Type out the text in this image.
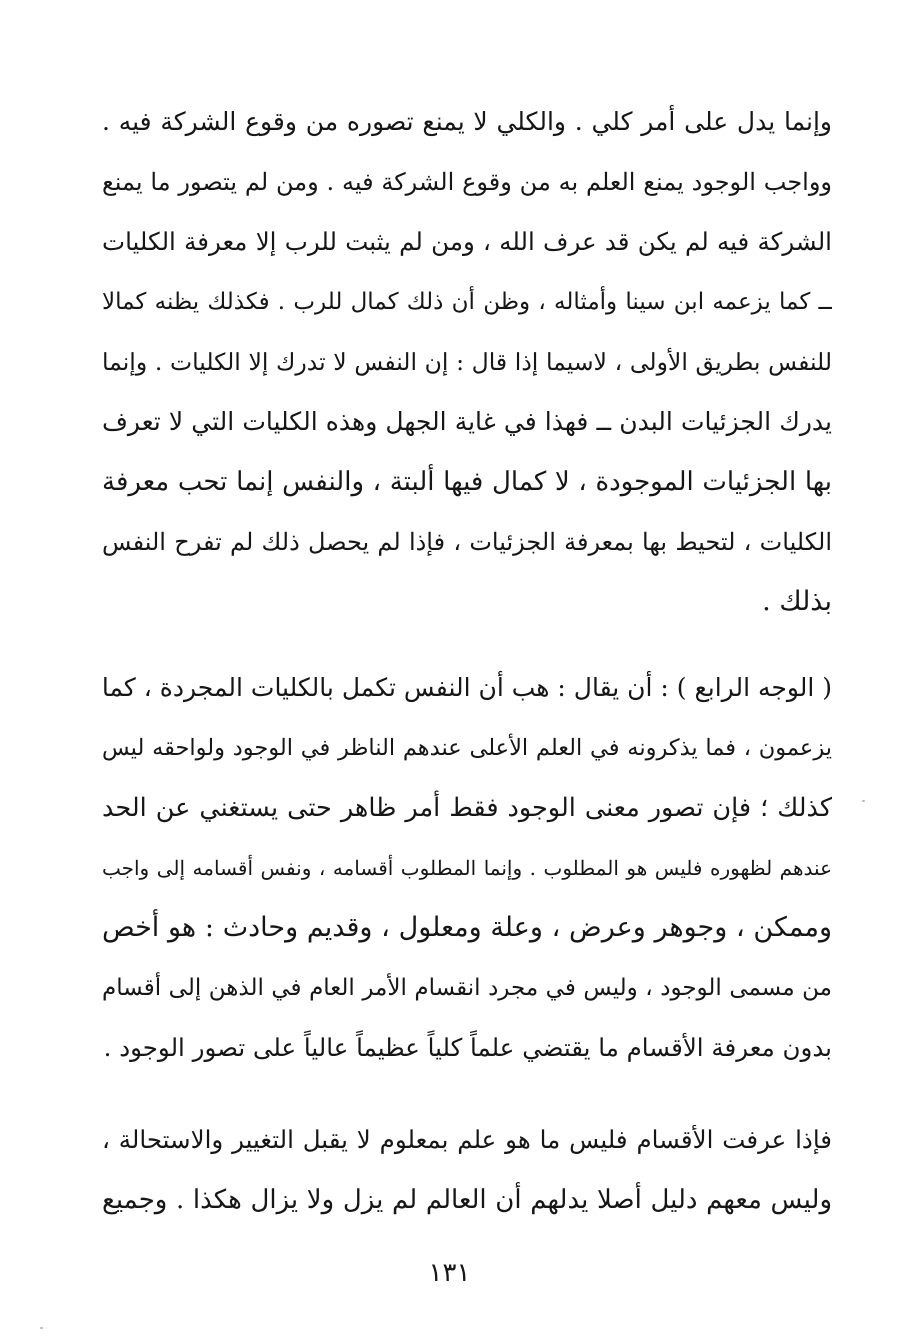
وإنما يدل على أمر كلي . والكلي لا يمنع تصوره من وقوع الشركة فيه .
وواجب الوجود يمنع العلم به من وقوع الشركة فيه . ومن لم يتصور ما يمنع
الشركة فيه لم يكن قد عرف الله ، ومن لم يثبت للرب إلا معرفة الكليات
ــ كما يزعمه ابن سينا وأمثاله ، وظن أن ذلك كمال للرب . فكذلك يظنه كمالا
للنفس بطريق الأولى ، لاسيما إذا قال : إن النفس لا تدرك إلا الكليات . وإنما
يدرك الجزئيات البدن ــ فهذا في غاية الجهل وهذه الكليات التي لا تعرف
بها الجزئيات الموجودة ، لا كمال فيها ألبتة ، والنفس إنما تحب معرفة
الكليات ، لتحيط بها بمعرفة الجزئيات ، فإذا لم يحصل ذلك لم تفرح النفس
بذلك .
( الوجه الرابع ) : أن يقال : هب أن النفس تكمل بالكليات المجردة ، كما
يزعمون ، فما يذكرونه في العلم الأعلى عندهم الناظر في الوجود ولواحقه ليس
كذلك ؛ فإن تصور معنى الوجود فقط أمر ظاهر حتى يستغني عن الحد
عندهم لظهوره فليس هو المطلوب . وإنما المطلوب أقسامه ، ونفس أقسامه إلى واجب
وممكن ، وجوهر وعرض ، وعلة ومعلول ، وقديم وحادث : هو أخص
من مسمى الوجود ، وليس في مجرد انقسام الأمر العام في الذهن إلى أقسام
بدون معرفة الأقسام ما يقتضي علماً كلياً عظيماً عالياً على تصور الوجود .
فإذا عرفت الأقسام فليس ما هو علم بمعلوم لا يقبل التغيير والاستحالة ،
وليس معهم دليل أصلا يدلهم أن العالم لم يزل ولا يزال هكذا . وجميع
١٣١
